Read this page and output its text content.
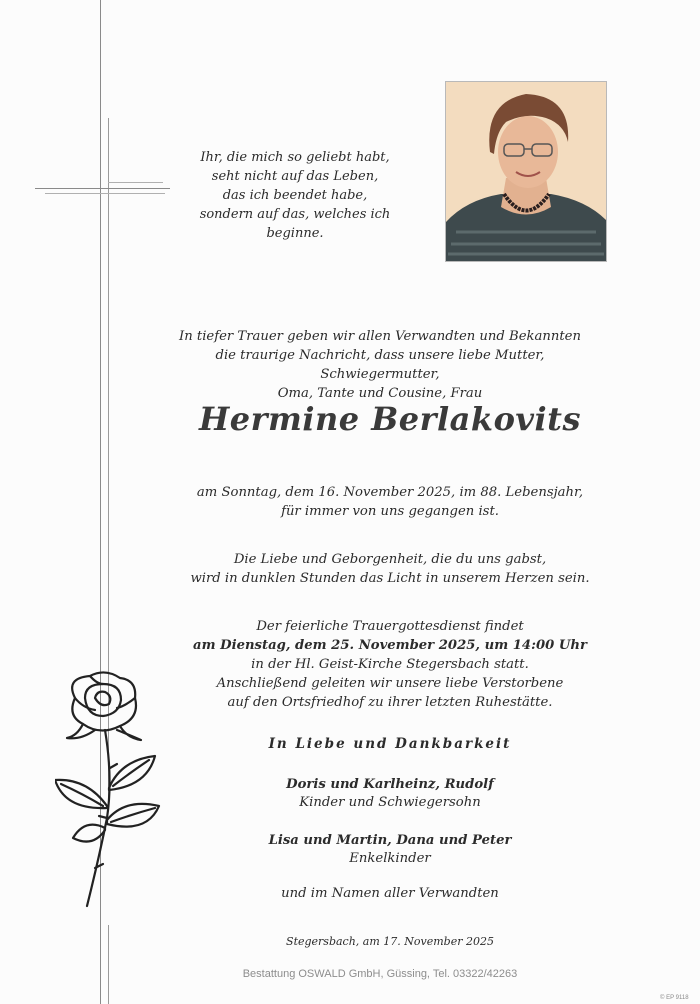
Ihr, die mich so geliebt habt,
seht nicht auf das Leben,
das ich beendet habe,
sondern auf das, welches ich beginne.
In tiefer Trauer geben wir allen Verwandten und Bekannten
die traurige Nachricht, dass unsere liebe Mutter, Schwiegermutter,
Oma, Tante und Cousine, Frau
Hermine Berlakovits
am Sonntag, dem 16. November 2025, im 88. Lebensjahr,
für immer von uns gegangen ist.
Die Liebe und Geborgenheit, die du uns gabst,
wird in dunklen Stunden das Licht in unserem Herzen sein.
Der feierliche Trauergottesdienst findet
am Dienstag, dem 25. November 2025, um 14:00 Uhr
in der Hl. Geist-Kirche Stegersbach statt.
Anschließend geleiten wir unsere liebe Verstorbene
auf den Ortsfriedhof zu ihrer letzten Ruhestätte.
In Liebe und Dankbarkeit
Doris und Karlheinz, Rudolf
Kinder und Schwiegersohn
Lisa und Martin, Dana und Peter
Enkelkinder
und im Namen aller Verwandten
Stegersbach, am 17. November 2025
Bestattung OSWALD GmbH, Güssing, Tel. 03322/42263
© EP 9118
